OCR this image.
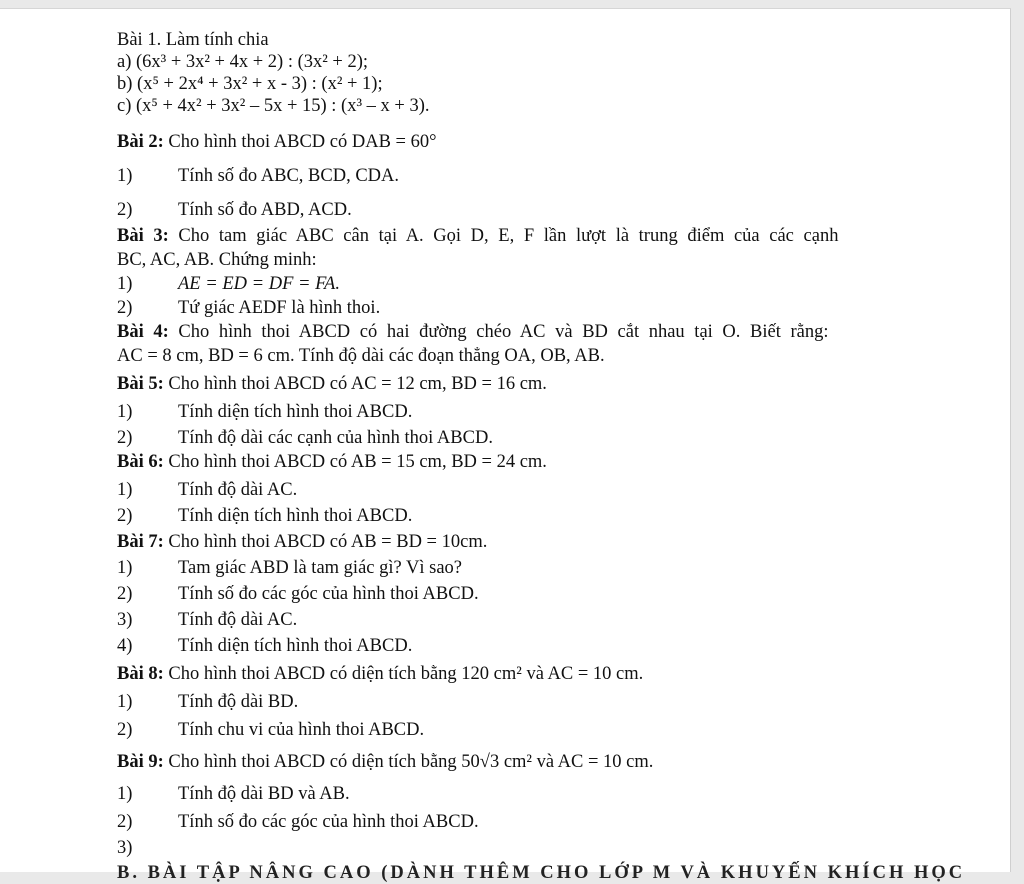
Bài 1. Làm tính chia
a) (6x³ + 3x² + 4x + 2) : (3x² + 2);
b) (x⁵ + 2x⁴ + 3x² + x - 3) : (x² + 1);
c) (x⁵ + 4x² + 3x² – 5x + 15) : (x³ – x + 3).
Bài 2: Cho hình thoi ABCD có DAB = 60°
1) Tính số đo ABC, BCD, CDA.
2) Tính số đo ABD, ACD.
Bài 3: Cho tam giác ABC cân tại A. Gọi D, E, F lần lượt là trung điểm của các cạnh
BC, AC, AB. Chứng minh:
1) AE = ED = DF = FA.
2) Tứ giác AEDF là hình thoi.
Bài 4: Cho hình thoi ABCD có hai đường chéo AC và BD cắt nhau tại O. Biết rằng:
AC = 8 cm, BD = 6 cm. Tính độ dài các đoạn thẳng OA, OB, AB.
Bài 5: Cho hình thoi ABCD có AC = 12 cm, BD = 16 cm.
1) Tính diện tích hình thoi ABCD.
2) Tính độ dài các cạnh của hình thoi ABCD.
Bài 6: Cho hình thoi ABCD có AB = 15 cm, BD = 24 cm.
1) Tính độ dài AC.
2) Tính diện tích hình thoi ABCD.
Bài 7: Cho hình thoi ABCD có AB = BD = 10cm.
1) Tam giác ABD là tam giác gì? Vì sao?
2) Tính số đo các góc của hình thoi ABCD.
3) Tính độ dài AC.
4) Tính diện tích hình thoi ABCD.
Bài 8: Cho hình thoi ABCD có diện tích bằng 120 cm² và AC = 10 cm.
1) Tính độ dài BD.
2) Tính chu vi của hình thoi ABCD.
Bài 9: Cho hình thoi ABCD có diện tích bằng 50√3 cm² và AC = 10 cm.
1) Tính độ dài BD và AB.
2) Tính số đo các góc của hình thoi ABCD.
3)
B. BÀI TẬP NÂNG CAO (DÀNH THÊM CHO LỚP M VÀ KHUYẾN KHÍCH HỌC
